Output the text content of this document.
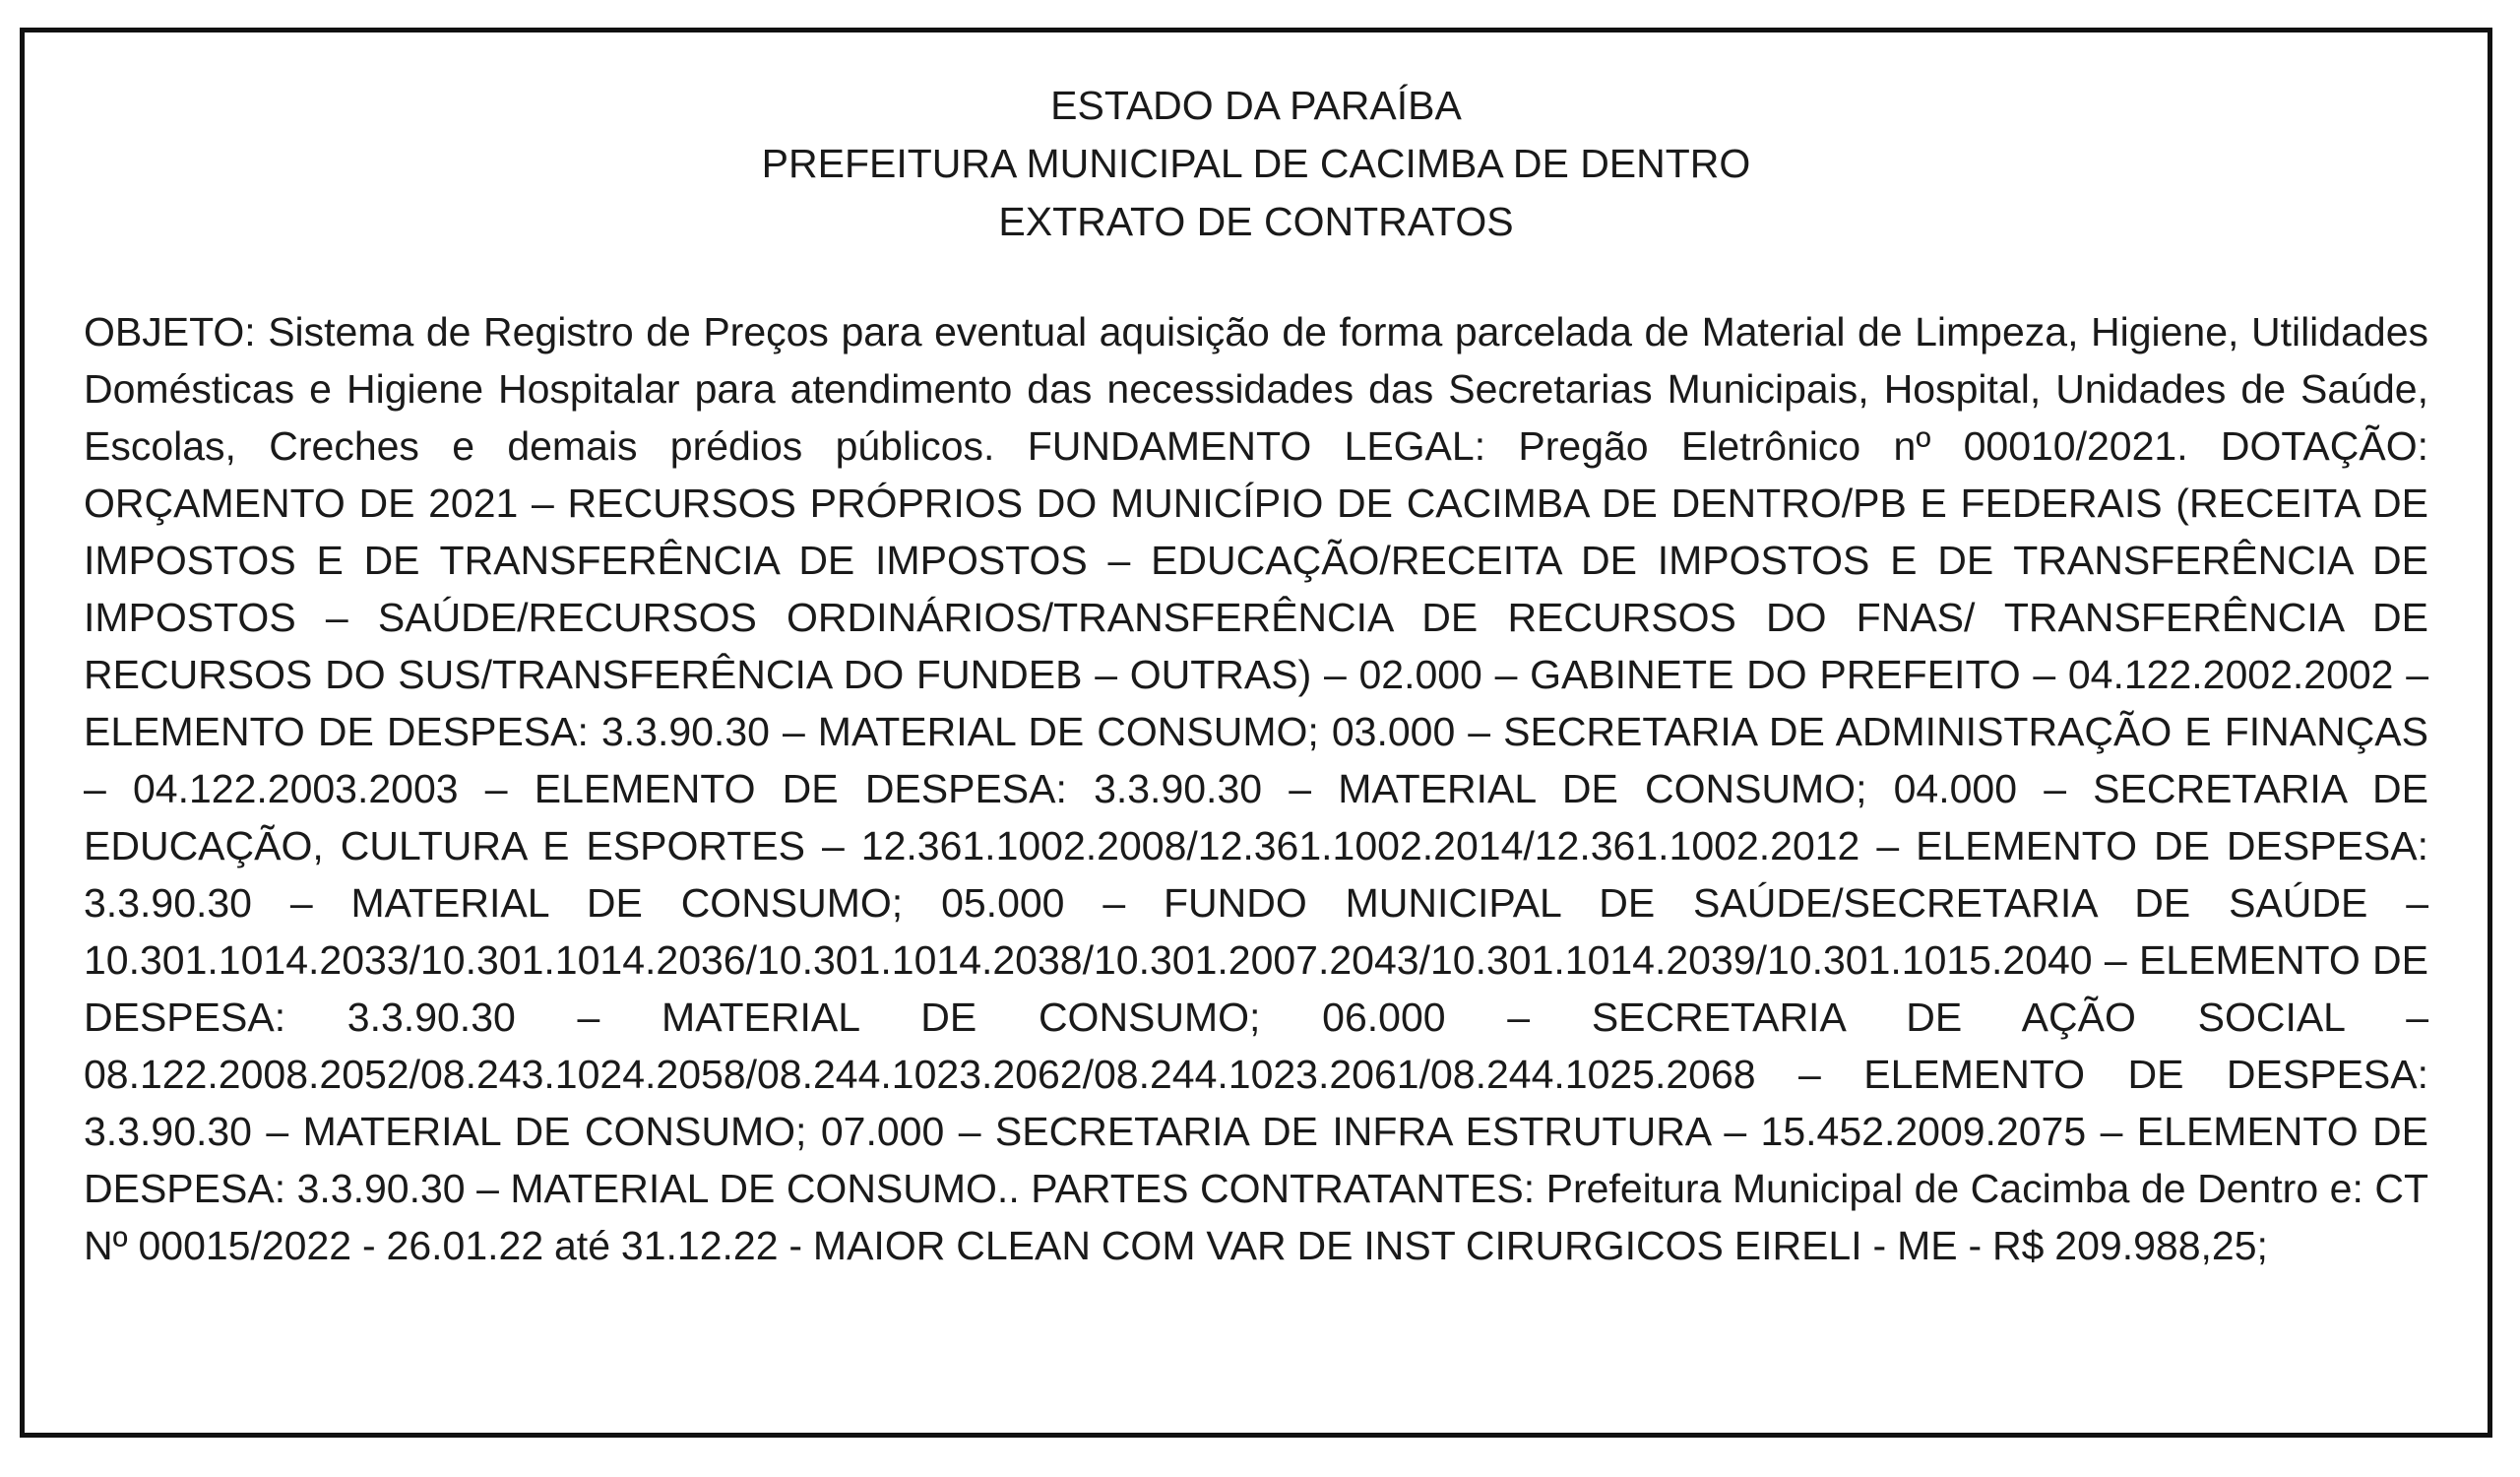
ESTADO DA PARAÍBA
PREFEITURA MUNICIPAL DE CACIMBA DE DENTRO
EXTRATO DE CONTRATOS
OBJETO: Sistema de Registro de Preços para eventual aquisição de forma parcelada de Material de Limpeza, Higiene, Utilidades Domésticas e Higiene Hospitalar para atendimento das necessidades das Secretarias Municipais, Hospital, Unidades de Saúde, Escolas, Creches e demais prédios públicos. FUNDAMENTO LEGAL: Pregão Eletrônico nº 00010/2021. DOTAÇÃO: ORÇAMENTO DE 2021 – RECURSOS PRÓPRIOS DO MUNICÍPIO DE CACIMBA DE DENTRO/PB E FEDERAIS (RECEITA DE IMPOSTOS E DE TRANSFERÊNCIA DE IMPOSTOS – EDUCAÇÃO/RECEITA DE IMPOSTOS E DE TRANSFERÊNCIA DE IMPOSTOS – SAÚDE/RECURSOS ORDINÁRIOS/TRANSFERÊNCIA DE RECURSOS DO FNAS/ TRANSFERÊNCIA DE RECURSOS DO SUS/TRANSFERÊNCIA DO FUNDEB – OUTRAS) – 02.000 – GABINETE DO PREFEITO – 04.122.2002.2002 – ELEMENTO DE DESPESA: 3.3.90.30 – MATERIAL DE CONSUMO; 03.000 – SECRETARIA DE ADMINISTRAÇÃO E FINANÇAS – 04.122.2003.2003 – ELEMENTO DE DESPESA: 3.3.90.30 – MATERIAL DE CONSUMO; 04.000 – SECRETARIA DE EDUCAÇÃO, CULTURA E ESPORTES – 12.361.1002.2008/12.361.1002.2014/12.361.1002.2012 – ELEMENTO DE DESPESA: 3.3.90.30 – MATERIAL DE CONSUMO; 05.000 – FUNDO MUNICIPAL DE SAÚDE/SECRETARIA DE SAÚDE – 10.301.1014.2033/10.301.1014.2036/10.301.1014.2038/10.301.2007.2043/10.301.1014.2039/10.301.1015.2040 – ELEMENTO DE DESPESA: 3.3.90.30 – MATERIAL DE CONSUMO; 06.000 – SECRETARIA DE AÇÃO SOCIAL – 08.122.2008.2052/08.243.1024.2058/08.244.1023.2062/08.244.1023.2061/08.244.1025.2068 – ELEMENTO DE DESPESA: 3.3.90.30 – MATERIAL DE CONSUMO; 07.000 – SECRETARIA DE INFRA ESTRUTURA – 15.452.2009.2075 – ELEMENTO DE DESPESA: 3.3.90.30 – MATERIAL DE CONSUMO.. PARTES CONTRATANTES: Prefeitura Municipal de Cacimba de Dentro e: CT Nº 00015/2022 - 26.01.22 até 31.12.22 - MAIOR CLEAN COM VAR DE INST CIRURGICOS EIRELI - ME - R$ 209.988,25;
